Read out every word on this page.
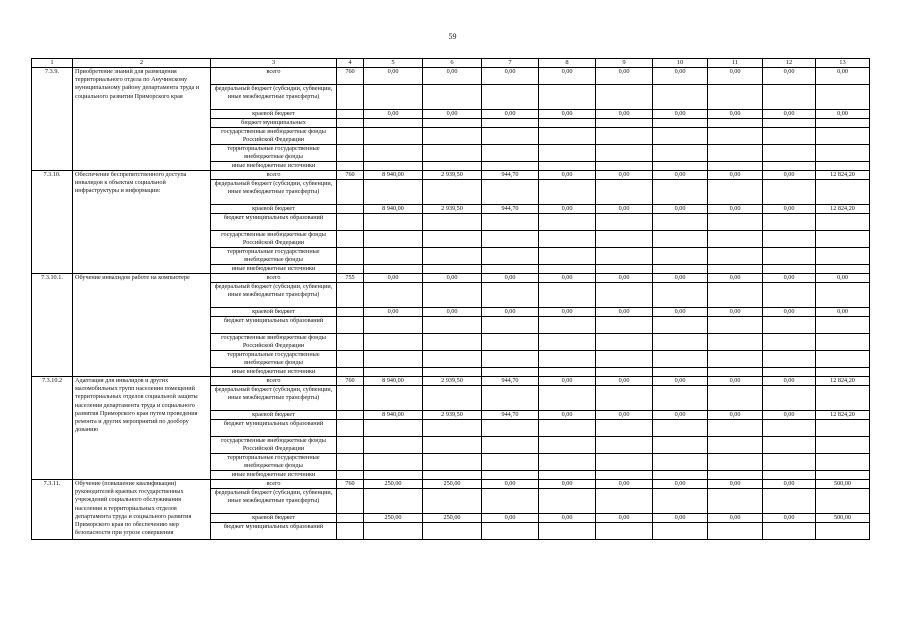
59
1	2	3	4	5	6	7	8	9	10	11	12	13
7.3.9.	Приобретение знаний для размещения территориального отдела по Анучинскому муниципальному району департамента труда и социального развития Приморского края	всего	760	0,00	0,00	0,00	0,00	0,00	0,00	0,00	0,00	0,00
		федеральный бюджет (субсидии, субвенции, иные межбюджетные трансферты)										
		краевой бюджет		0,00	0,00	0,00	0,00	0,00	0,00	0,00	0,00	0,00
		бюджет муниципальных										
		государственные внебюджетные фонды Российской Федерации										
		территориальные государственные внебюджетные фонды										
		иные внебюджетные источники										
7.3.10.	Обеспечение беспрепятственного доступа инвалидов к объектам социальной инфраструктуры и информации:	всего	760	8 940,00	2 939,50	944,70	0,00	0,00	0,00	0,00	0,00	12 824,20
		федеральный бюджет (субсидии, субвенции, иные межбюджетные трансферты)										
		краевой бюджет		8 940,00	2 939,50	944,70	0,00	0,00	0,00	0,00	0,00	12 824,20
		бюджет муниципальных образований										
		государственные внебюджетные фонды Российской Федерации										
		территориальные государственные внебюджетные фонды										
		иные внебюджетные источники										
7.3.10.1.	Обучение инвалидов работе на компьютере	всего	755	0,00	0,00	0,00	0,00	0,00	0,00	0,00	0,00	0,00
		федеральный бюджет (субсидии, субвенции, иные межбюджетные трансферты)										
		краевой бюджет		0,00	0,00	0,00	0,00	0,00	0,00	0,00	0,00	0,00
		бюджет муниципальных образований										
		государственные внебюджетные фонды Российской Федерации										
		территориальные государственные внебюджетные фонды										
		иные внебюджетные источники										
7.3.10.2	Адаптация для инвалидов и других маломобильных групп населения помещений территориальных отделов социальной защиты населения департамента труда и социального развития Приморского края путем проведения ремонта и других мероприятий по дообору дованию	всего	760	8 940,00	2 939,50	944,70	0,00	0,00	0,00	0,00	0,00	12 824,20
		федеральный бюджет (субсидии, субвенции, иные межбюджетные трансферты)										
		краевой бюджет		8 940,00	2 939,50	944,70	0,00	0,00	0,00	0,00	0,00	12 824,20
		бюджет муниципальных образований										
		государственные внебюджетные фонды Российской Федерации										
		территориальные государственные внебюджетные фонды										
		иные внебюджетные источники										
7.3.11.	Обучение (повышение квалификации) руководителей краевых государственных учреждений социального обслуживания населения и территориальных отделов департамента труда и социального развития Приморского края по обеспечению мер безопасности при угрозе совершения	всего	760	250,00	250,00	0,00	0,00	0,00	0,00	0,00	0,00	500,00
		федеральный бюджет (субсидии, субвенции, иные межбюджетные трансферты)										
		краевой бюджет		250,00	250,00	0,00	0,00	0,00	0,00	0,00	0,00	500,00
		бюджет муниципальных образований										
